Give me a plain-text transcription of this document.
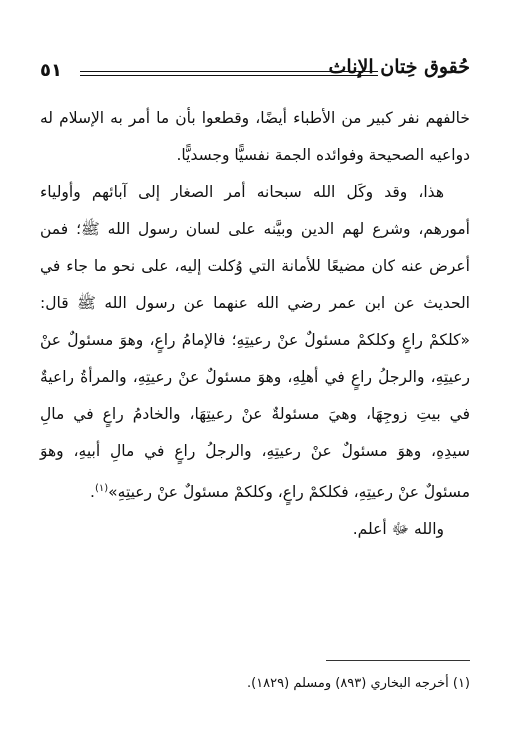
٥١	حُقوق خِتان الإناث

خالفهم نفر كبير من الأطباء أيضًا، وقطعوا بأن ما أمر به الإسلام له دواعيه الصحيحة وفوائده الجمة نفسيًّا وجسديًّا.

هذا، وقد وكَل الله سبحانه أمر الصغار إلى آبائهم وأولياء أمورهم، وشرع لهم الدين وبيَّنه على لسان رسول الله ﷺ؛ فمن أعرض عنه كان مضيعًا للأمانة التي وُكلت إليه، على نحو ما جاء في الحديث عن ابن عمر رضي الله عنهما عن رسول الله ﷺ قال: «كلكمْ راعٍ وكلكمْ مسئولٌ عنْ رعيتِهِ؛ فالإمامُ راعٍ، وهوَ مسئولٌ عنْ رعيتِهِ، والرجلُ راعٍ في أهلِهِ، وهوَ مسئولٌ عنْ رعيتِهِ، والمرأةُ راعيةٌ في بيتِ زوجِهَا، وهيَ مسئولةٌ عنْ رعيتِهَا، والخادمُ راعٍ في مالِ سيدِهِ، وهوَ مسئولٌ عنْ رعيتِهِ، والرجلُ راعٍ في مالِ أبيهِ، وهوَ مسئولٌ عنْ رعيتِهِ، فكلكمْ راعٍ، وكلكمْ مسئولٌ عنْ رعيتِهِ»$^{(١)}$.

والله ﷻ أعلم.

(١) أخرجه البخاري (٨٩٣) ومسلم (١٨٢٩).
